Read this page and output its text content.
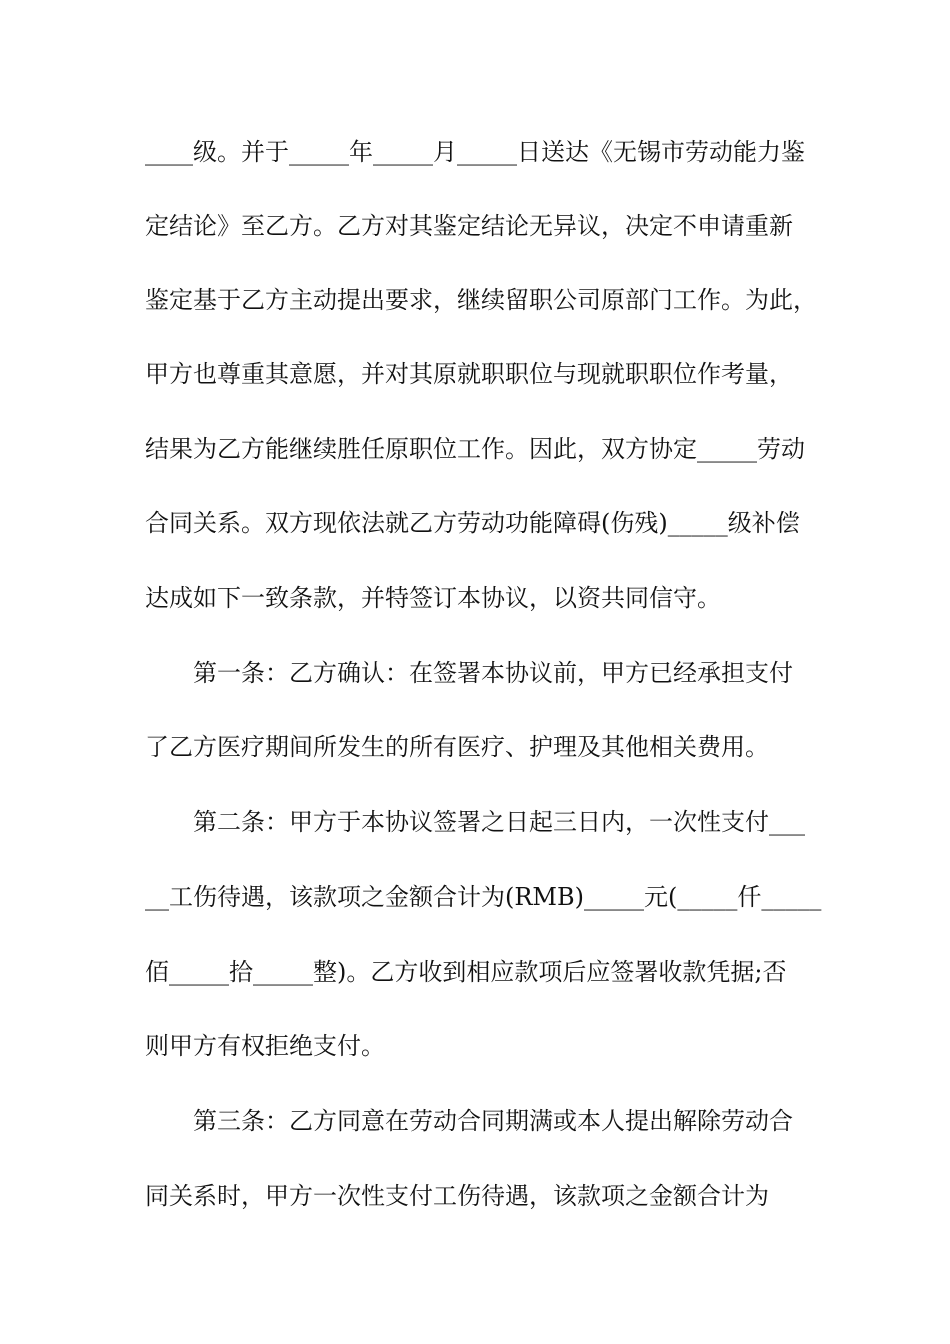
____级。并于_____年_____月_____日送达《无锡市劳动能力鉴
定结论》至乙方。乙方对其鉴定结论无异议，决定不申请重新
鉴定基于乙方主动提出要求，继续留职公司原部门工作。为此，
甲方也尊重其意愿，并对其原就职职位与现就职职位作考量，
结果为乙方能继续胜任原职位工作。因此，双方协定_____劳动
合同关系。双方现依法就乙方劳动功能障碍(伤残)_____级补偿
达成如下一致条款，并特签订本协议，以资共同信守。
第一条：乙方确认：在签署本协议前，甲方已经承担支付
了乙方医疗期间所发生的所有医疗、护理及其他相关费用。
第二条：甲方于本协议签署之日起三日内，一次性支付___
__工伤待遇，该款项之金额合计为(RMB)_____元(_____仟_____
佰_____拾_____整)。乙方收到相应款项后应签署收款凭据;否
则甲方有权拒绝支付。
第三条：乙方同意在劳动合同期满或本人提出解除劳动合
同关系时，甲方一次性支付工伤待遇，该款项之金额合计为
